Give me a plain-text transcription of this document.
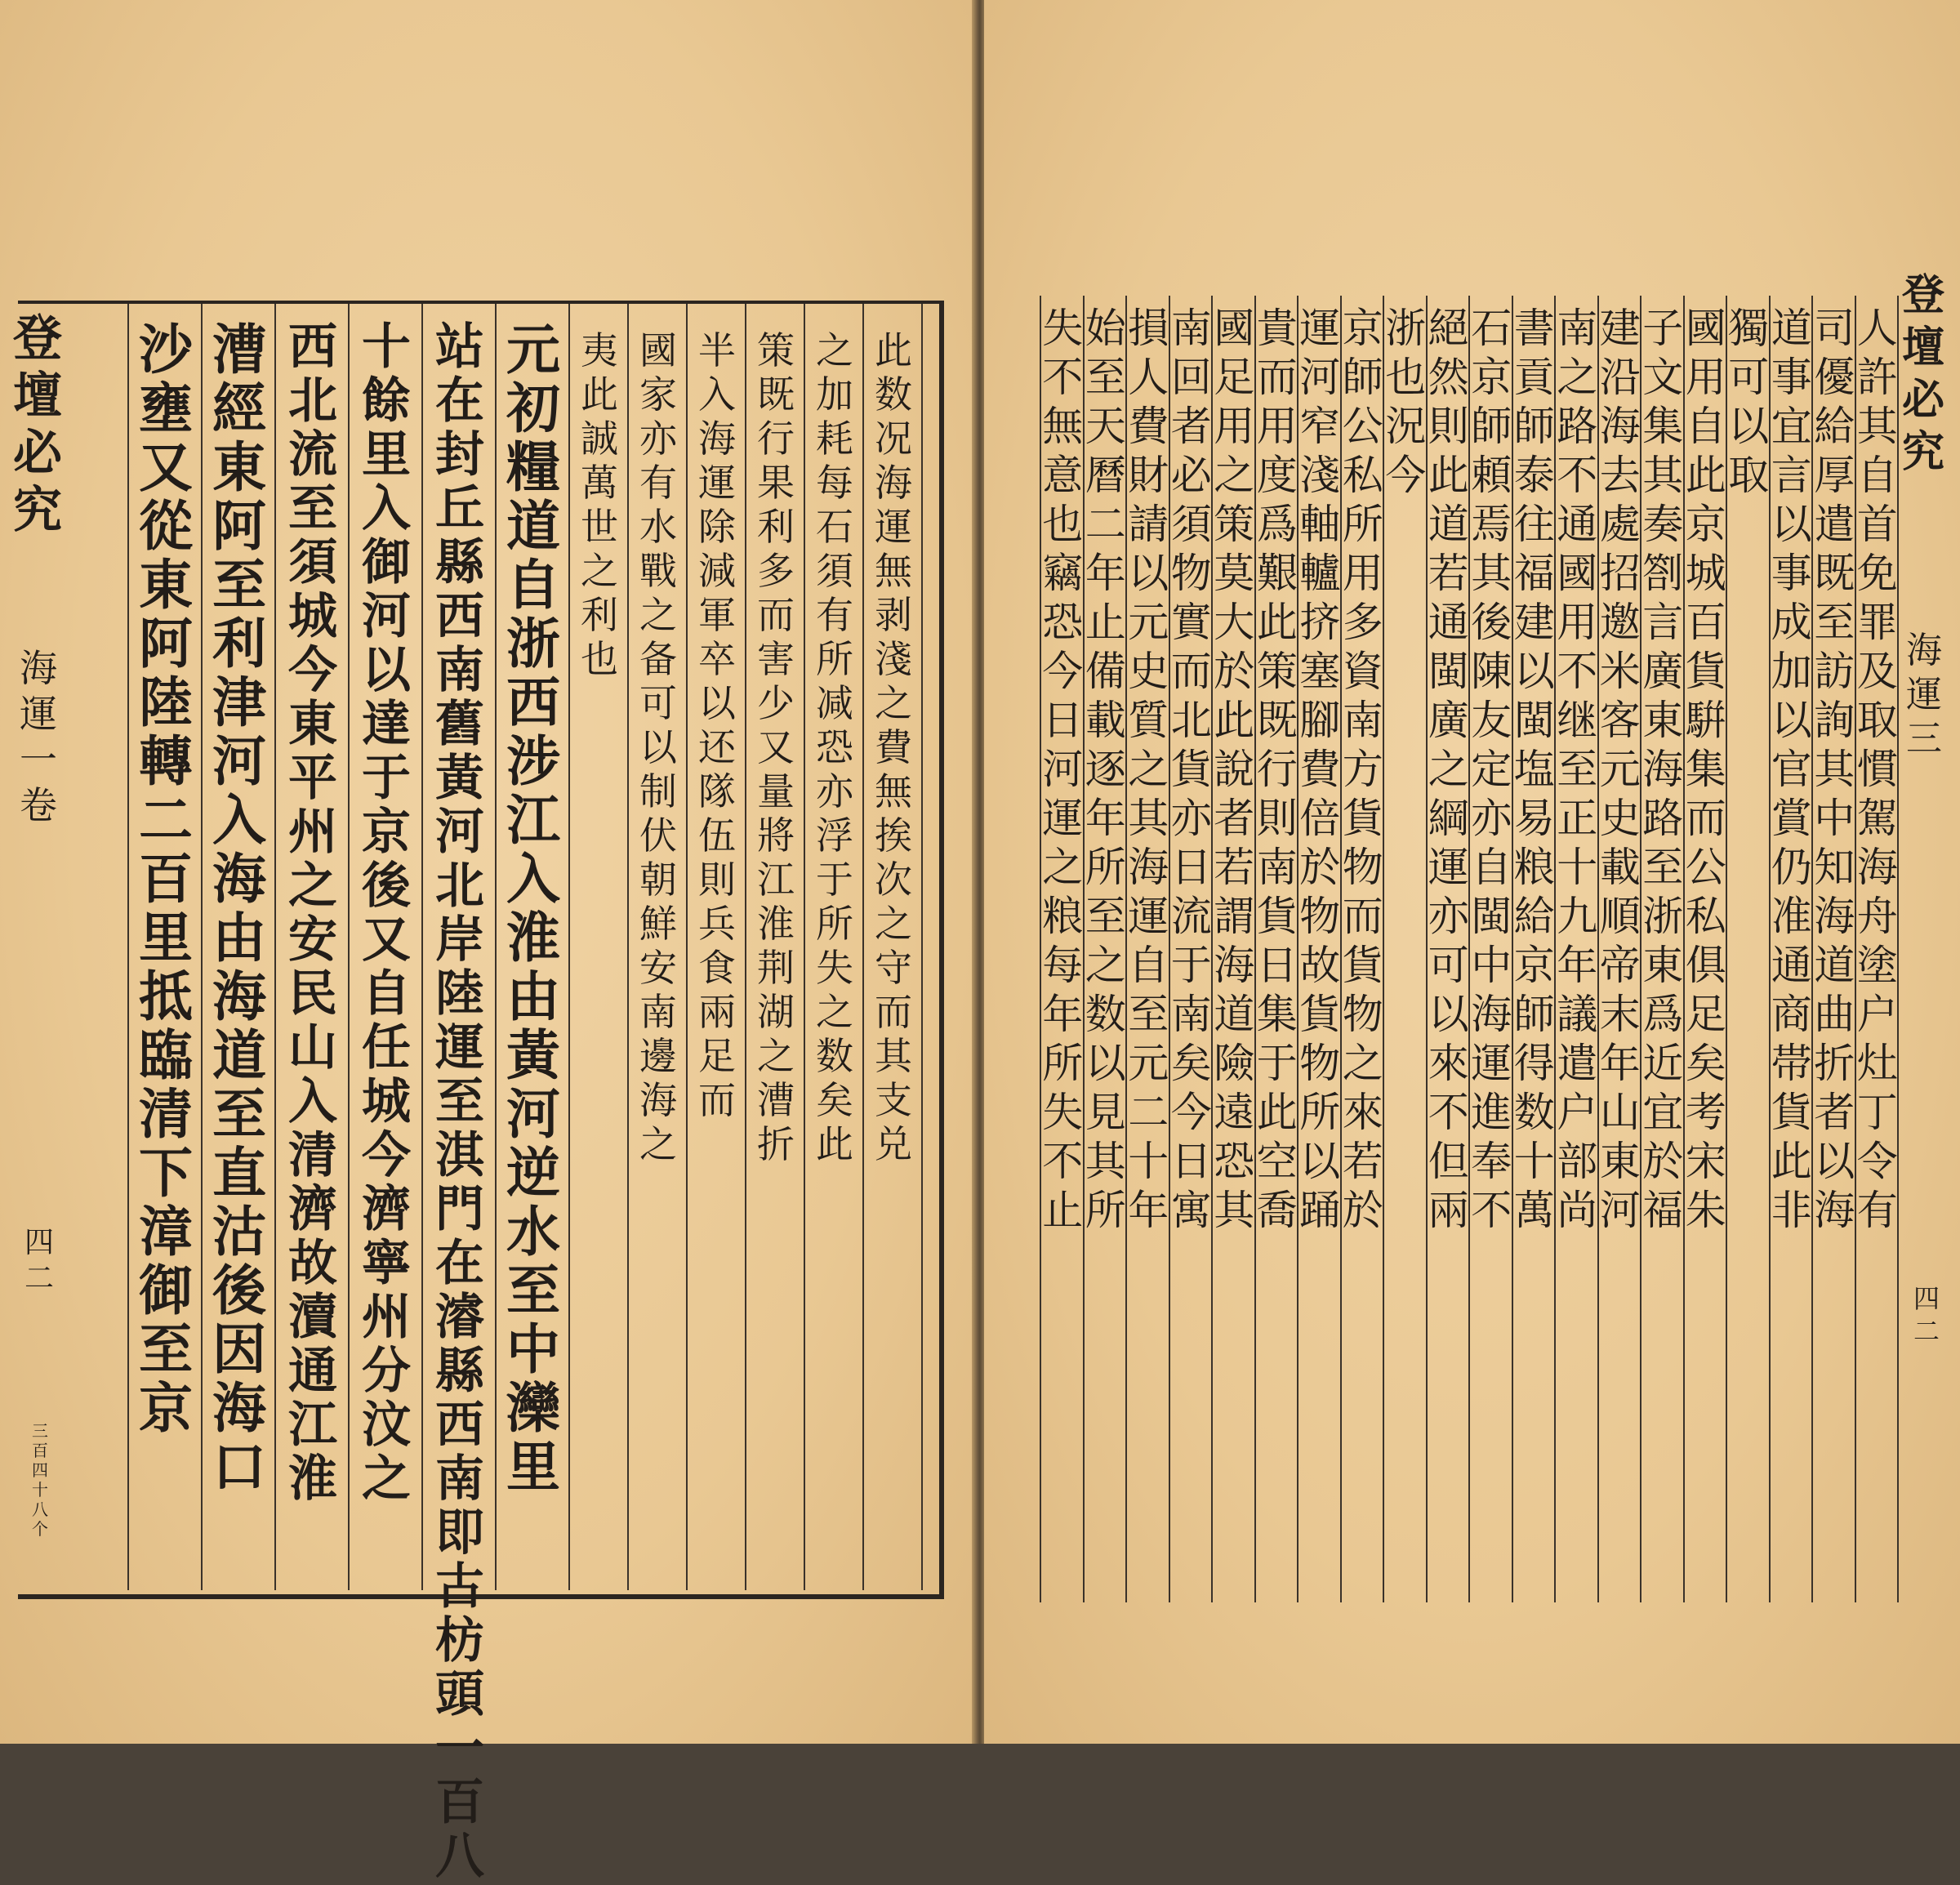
登
壇
必
究
海
運
一
卷
四
二
三
百
四
十
八
个
此
数
况
海
運
無
剥
淺
之
費
無
挨
次
之
守
而
其
支
兑
之
加
耗
每
石
須
有
所
减
恐
亦
浮
于
所
失
之
数
矣
此
策
既
行
果
利
多
而
害
少
又
量
將
江
淮
荆
湖
之
漕
折
半
入
海
運
除
減
軍
卒
以
还
隊
伍
則
兵
食
兩
足
而
國
家
亦
有
水
戰
之
备
可
以
制
伏
朝
鮮
安
南
邊
海
之
夷
此
誠
萬
世
之
利
也
元
初
糧
道
自
浙
西
涉
江
入
淮
由
黃
河
逆
水
至
中
灤
里
站
在
封
丘
縣
西
南
舊
黃
河
北
岸
陸
運
至
淇
門
在
濬
縣
西
南
即
古
枋
頭
一
百
八
十
餘
里
入
御
河
以
達
于
京
後
又
自
任
城
今
濟
寧
州
分
汶
之
西
北
流
至
須
城
今
東
平
州
之
安
民
山
入
清
濟
故
瀆
通
江
淮
漕
經
東
阿
至
利
津
河
入
海
由
海
道
至
直
沽
後
因
海
口
沙
壅
又
從
東
阿
陸
轉
二
百
里
抵
臨
清
下
漳
御
至
京
登
壇
必
究
海
運
三
四
二
人
許
其
自
首
免
罪
及
取
慣
駕
海
舟
塗
户
灶
丁
令
有
司
優
給
厚
遣
既
至
訪
詢
其
中
知
海
道
曲
折
者
以
海
道
事
宜
言
以
事
成
加
以
官
賞
仍
准
通
商
帯
貨
此
非
獨
可
以
取
國
用
自
此
京
城
百
貨
騈
集
而
公
私
俱
足
矣
考
宋
朱
子
文
集
其
奏
劄
言
廣
東
海
路
至
浙
東
爲
近
宜
於
福
建
沿
海
去
處
招
邀
米
客
元
史
載
順
帝
末
年
山
東
河
南
之
路
不
通
國
用
不
继
至
正
十
九
年
議
遣
户
部
尚
書
貢
師
泰
往
福
建
以
閩
塩
易
粮
給
京
師
得
数
十
萬
石
京
師
頼
焉
其
後
陳
友
定
亦
自
閩
中
海
運
進
奉
不
絕
然
則
此
道
若
通
閩
廣
之
綱
運
亦
可
以
來
不
但
兩
浙
也
況
今
京
師
公
私
所
用
多
資
南
方
貨
物
而
貨
物
之
來
若
於
運
河
窄
淺
軸
轤
挤
塞
腳
費
倍
於
物
故
貨
物
所
以
踊
貴
而
用
度
爲
艱
此
策
既
行
則
南
貨
日
集
于
此
空
喬
國
足
用
之
策
莫
大
於
此
說
者
若
謂
海
道
險
遠
恐
其
南
回
者
必
須
物
實
而
北
貨
亦
日
流
于
南
矣
今
日
寓
損
人
費
財
請
以
元
史
質
之
其
海
運
自
至
元
二
十
年
始
至
天
曆
二
年
止
備
載
逐
年
所
至
之
数
以
見
其
所
失
不
無
意
也
竊
恐
今
日
河
運
之
粮
每
年
所
失
不
止
